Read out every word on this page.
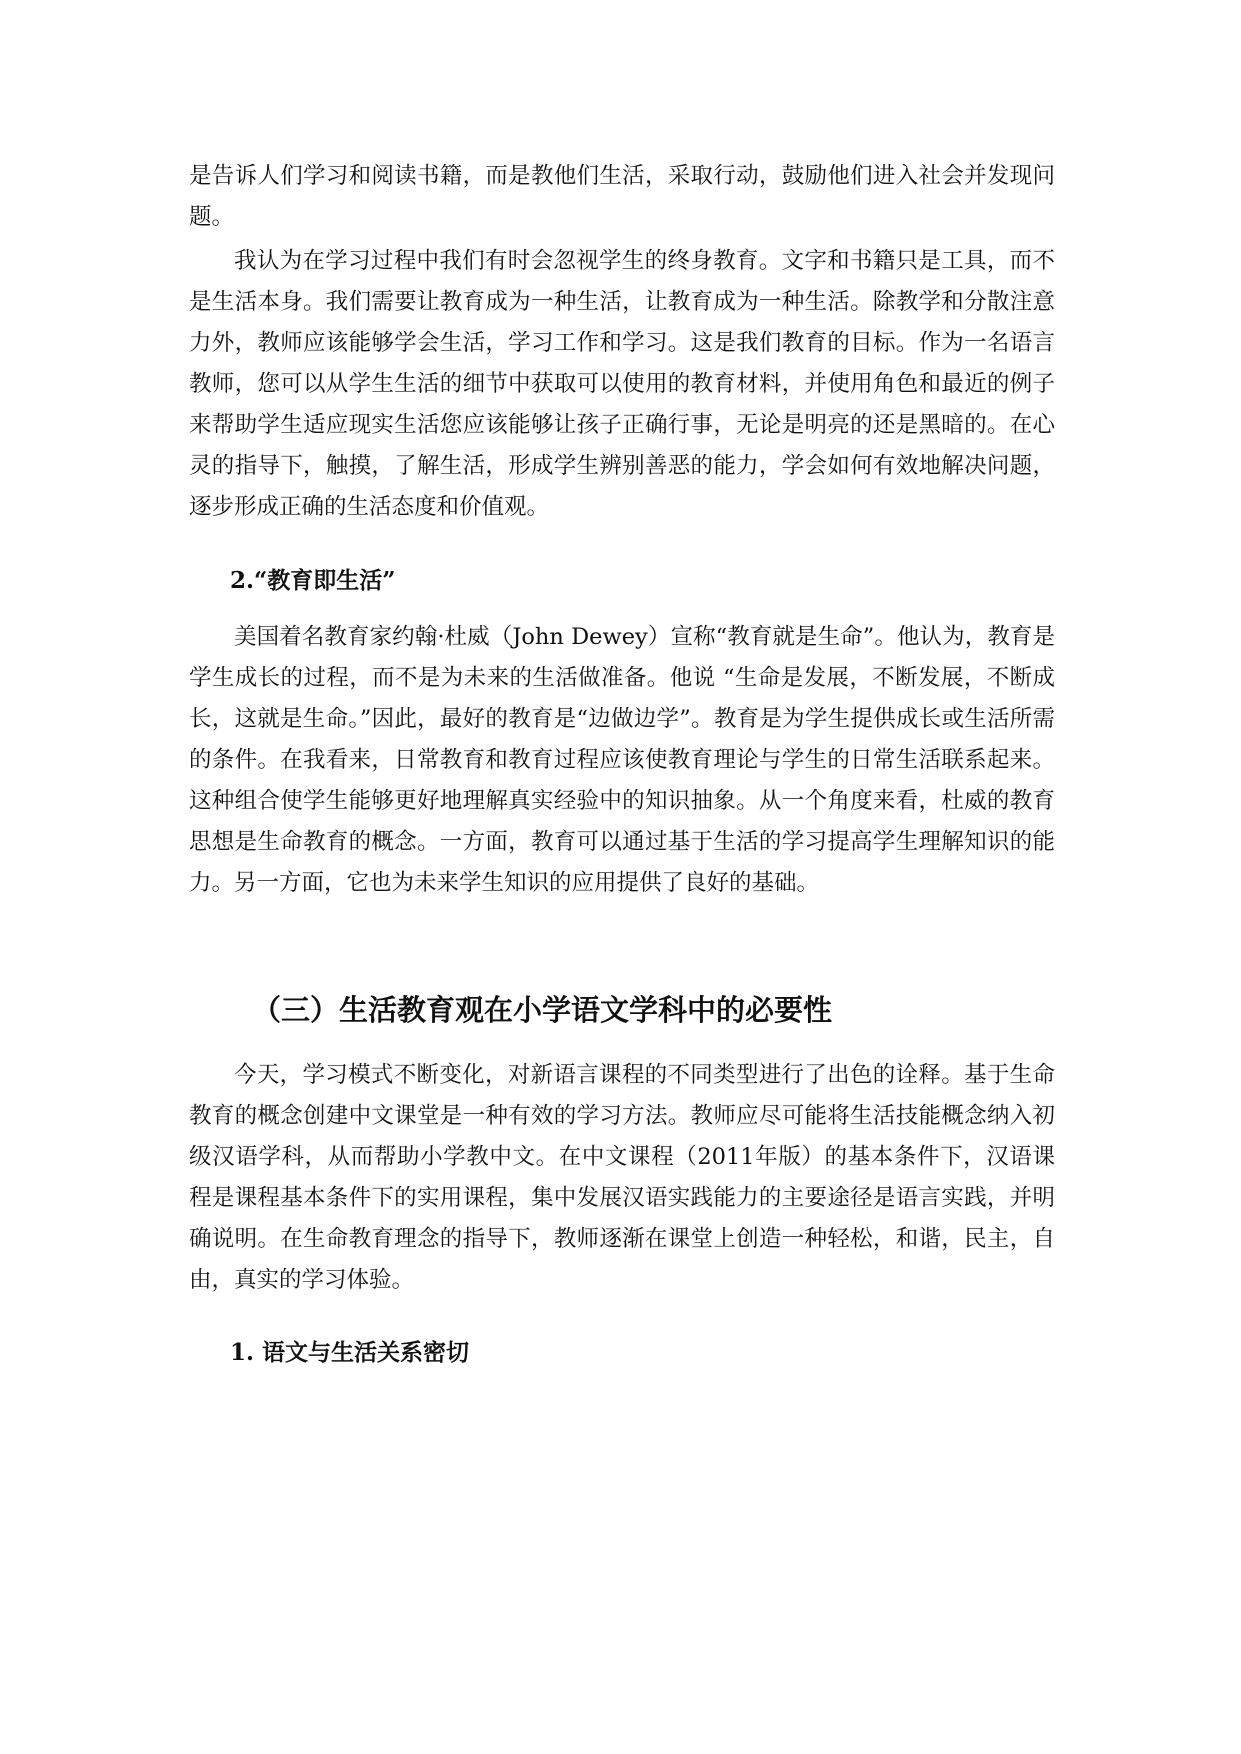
是告诉人们学习和阅读书籍，而是教他们生活，采取行动，鼓励他们进入社会并发现问题。

我认为在学习过程中我们有时会忽视学生的终身教育。文字和书籍只是工具，而不是生活本身。我们需要让教育成为一种生活，让教育成为一种生活。除教学和分散注意力外，教师应该能够学会生活，学习工作和学习。这是我们教育的目标。作为一名语言教师，您可以从学生生活的细节中获取可以使用的教育材料，并使用角色和最近的例子来帮助学生适应现实生活您应该能够让孩子正确行事，无论是明亮的还是黑暗的。在心灵的指导下，触摸，了解生活，形成学生辨别善恶的能力，学会如何有效地解决问题，逐步形成正确的生活态度和价值观。

2.“教育即生活”

美国着名教育家约翰·杜威（John Dewey）宣称“教育就是生命”。他认为，教育是学生成长的过程，而不是为未来的生活做准备。他说 “生命是发展，不断发展，不断成长，这就是生命。”因此，最好的教育是“边做边学”。教育是为学生提供成长或生活所需的条件。在我看来，日常教育和教育过程应该使教育理论与学生的日常生活联系起来。这种组合使学生能够更好地理解真实经验中的知识抽象。从一个角度来看，杜威的教育思想是生命教育的概念。一方面，教育可以通过基于生活的学习提高学生理解知识的能力。另一方面，它也为未来学生知识的应用提供了良好的基础。

（三）生活教育观在小学语文学科中的必要性

今天，学习模式不断变化，对新语言课程的不同类型进行了出色的诠释。基于生命教育的概念创建中文课堂是一种有效的学习方法。教师应尽可能将生活技能概念纳入初级汉语学科，从而帮助小学教中文。在中文课程（2011年版）的基本条件下，汉语课程是课程基本条件下的实用课程，集中发展汉语实践能力的主要途径是语言实践，并明确说明。在生命教育理念的指导下，教师逐渐在课堂上创造一种轻松，和谐，民主，自由，真实的学习体验。

1. 语文与生活关系密切
